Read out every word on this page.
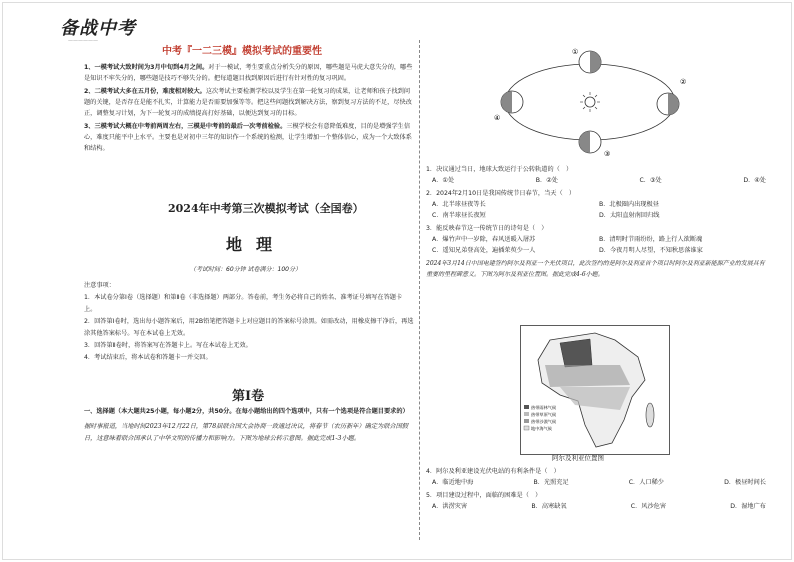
备战中考
——————
中考『一二三模』模拟考试的重要性

1、一模考试大致时间为3月中旬到4月之间。对于一模试，考生要重点分析失分的原因，哪些题是马虎大意失分的，哪些是知识不牢失分的，哪些题是技巧不够失分的。把每道题目找到原因后进行有针对性的复习巩固。

2、二模考试大多在五月份，难度相对较大。这次考试主要检测学校以及学生在第一轮复习的成果，让老师和孩子找到问题的关键，是否存在是能不扎实，计算能力是否需要加强等等。把这些问题找到解决方法，察到复习方法的不足，尽快改正，调整复习计划，为下一轮复习的成绩提高打好基础，以便达到复习的目标。

3、三模考试大概在中考前两周左右，三模是中考前的最后一次考前检验。三模学校会有意降低难度，目的是增强学生信心，难度只能平中上水平。主要也是对初中三年的知识作一个系统的检测，让学生增加一个整体信心，成为一个大致体系和结构。

2024年中考第三次模拟考试（全国卷）
地理
（考试时间：60分钟 试卷满分：100分）

注意事项：

1．本试卷分第Ⅰ卷（选择题）和第Ⅱ卷（非选择题）两部分。答卷前，考生务必将自己的姓名、准考证号填写在答题卡上。

2．回答第Ⅰ卷时，选出每小题答案后，用2B铅笔把答题卡上对应题目的答案标号涂黑。如需改动，用橡皮擦干净后，再选涂其他答案标号。写在本试卷上无效。

3．回答第Ⅱ卷时，将答案写在答题卡上。写在本试卷上无效。

4．考试结束后，将本试卷和答题卡一并交回。

第Ⅰ卷

一、选择题（本大题共25小题，每小题2分，共50分。在每小题给出的四个选项中，只有一个选项是符合题目要求的）

据时事报道，当地时间2023年12月22日，第78届联合国大会协商一致通过决议，将春节（农历新年）确定为联合国假日，这意味着联合国承认了中华文明的传播力和影响力。下图为地球公转示意图。据此完成1-3小题。

①
②
③
④

1．决议通过当日，地球大致运行于公转轨道的（　）

A．①处	B．②处	C．③处	D．④处

2．2024年2月10日是我国传统节日春节，当天（　）

A．北半球昼夜等长	B．北极圈内出现极昼
C．南半球昼长夜短	D．太阳直射南回归线

3．能反映春节这一传统节日的诗句是（　）

A．爆竹声中一岁除，春风送暖入屠苏	B．清明时节雨纷纷，路上行人欲断魂
C．遥知兄弟登高处，遍插茱萸少一人	D．今夜月明人尽望，不知秋思落谁家

2024年3月14日中国电建签约阿尔及利亚一个光伏项目，此次签约的是阿尔及利亚首个项目时阿尔及利亚新能源产业的发展具有重要的里程碑意义。下图为阿尔及利亚位置图。据此完成4-6小题。

热带雨林气候
热带草原气候
热带沙漠气候
地中海气候
阿尔及利亚位置图

4．阿尔及利亚建设光伏电站的有利条件是（　）

A．临近地中海	B．光照充足	C．人口稀少	D．极昼时间长

5．项目建设过程中，面临的困难是（　）

A．洪涝灾害	B．高寒缺氧	C．风沙危害	D．湿地广布
